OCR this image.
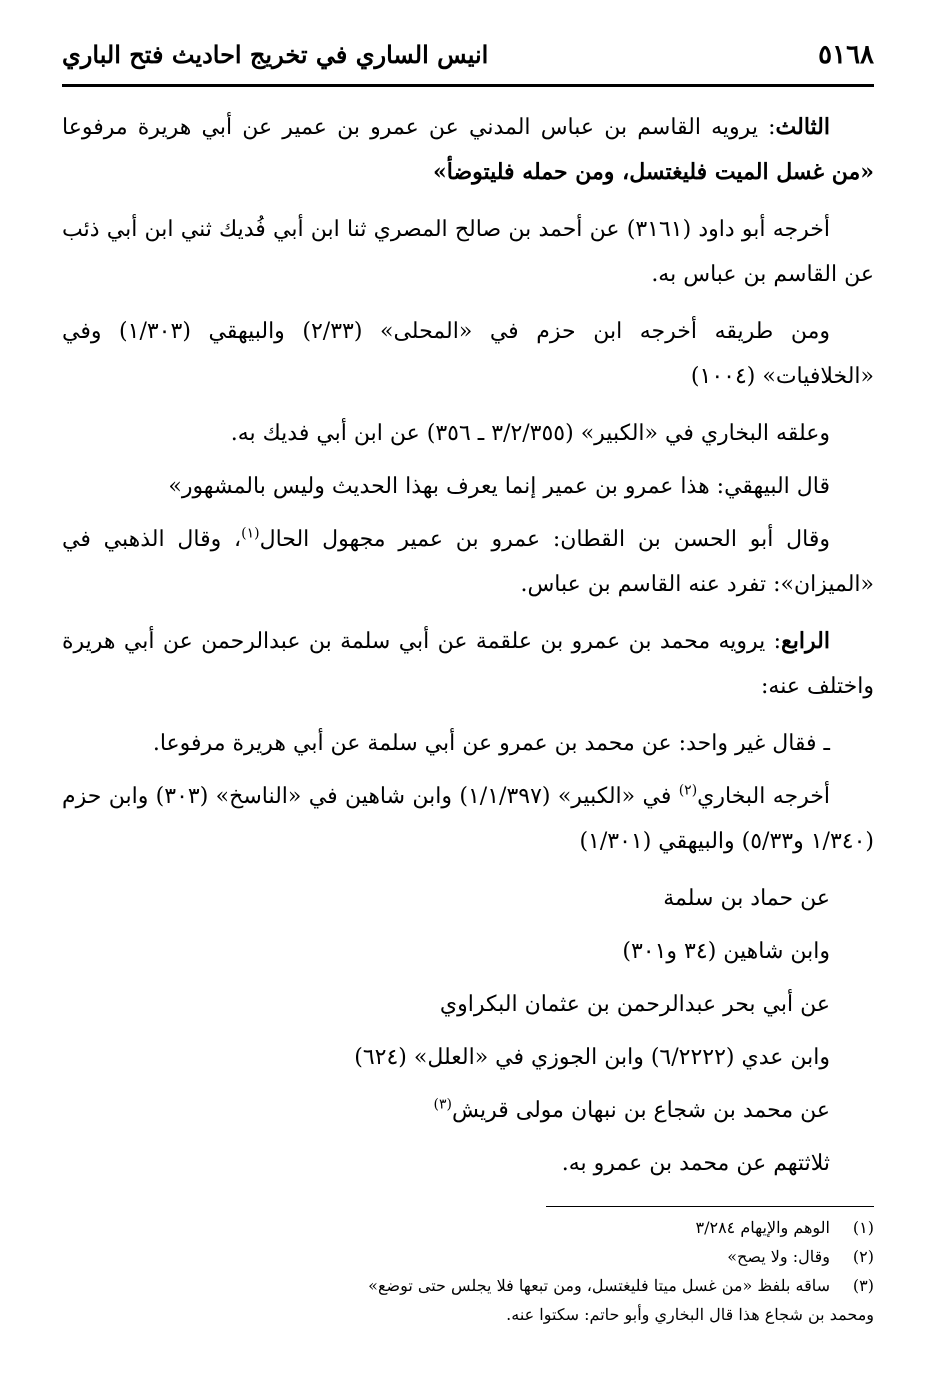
٥١٦٨
انيس الساري في تخريج احاديث فتح الباري

الثالث: يرويه القاسم بن عباس المدني عن عمرو بن عمير عن أبي هريرة مرفوعا «من غسل الميت فليغتسل، ومن حمله فليتوضأ»

أخرجه أبو داود (٣١٦١) عن أحمد بن صالح المصري ثنا ابن أبي فُديك ثني ابن أبي ذئب عن القاسم بن عباس به.

ومن طريقه أخرجه ابن حزم في «المحلى» (٢/٣٣) والبيهقي (١/٣٠٣) وفي «الخلافيات» (١٠٠٤)

وعلقه البخاري في «الكبير» (٣/٢/٣٥٥ ـ ٣٥٦) عن ابن أبي فديك به.

قال البيهقي: هذا عمرو بن عمير إنما يعرف بهذا الحديث وليس بالمشهور»

وقال أبو الحسن بن القطان: عمرو بن عمير مجهول الحال$^{(١)}$، وقال الذهبي في «الميزان»: تفرد عنه القاسم بن عباس.

الرابع: يرويه محمد بن عمرو بن علقمة عن أبي سلمة بن عبدالرحمن عن أبي هريرة واختلف عنه:

ـ فقال غير واحد: عن محمد بن عمرو عن أبي سلمة عن أبي هريرة مرفوعا.

أخرجه البخاري$^{(٢)}$ في «الكبير» (١/١/٣٩٧) وابن شاهين في «الناسخ» (٣٠٣) وابن حزم (١/٣٤٠ و٥/٣٣) والبيهقي (١/٣٠١)

عن حماد بن سلمة

وابن شاهين (٣٤ و٣٠١)

عن أبي بحر عبدالرحمن بن عثمان البكراوي

وابن عدي (٦/٢٢٢٢) وابن الجوزي في «العلل» (٦٢٤)

عن محمد بن شجاع بن نبهان مولى قريش$^{(٣)}$

ثلاثتهم عن محمد بن عمرو به.

(١)
الوهم والإيهام ٣/٢٨٤
(٢)
وقال: ولا يصح»
(٣)
ساقه بلفظ «من غسل ميتا فليغتسل، ومن تبعها فلا يجلس حتى توضع»
ومحمد بن شجاع هذا قال البخاري وأبو حاتم: سكتوا عنه.
